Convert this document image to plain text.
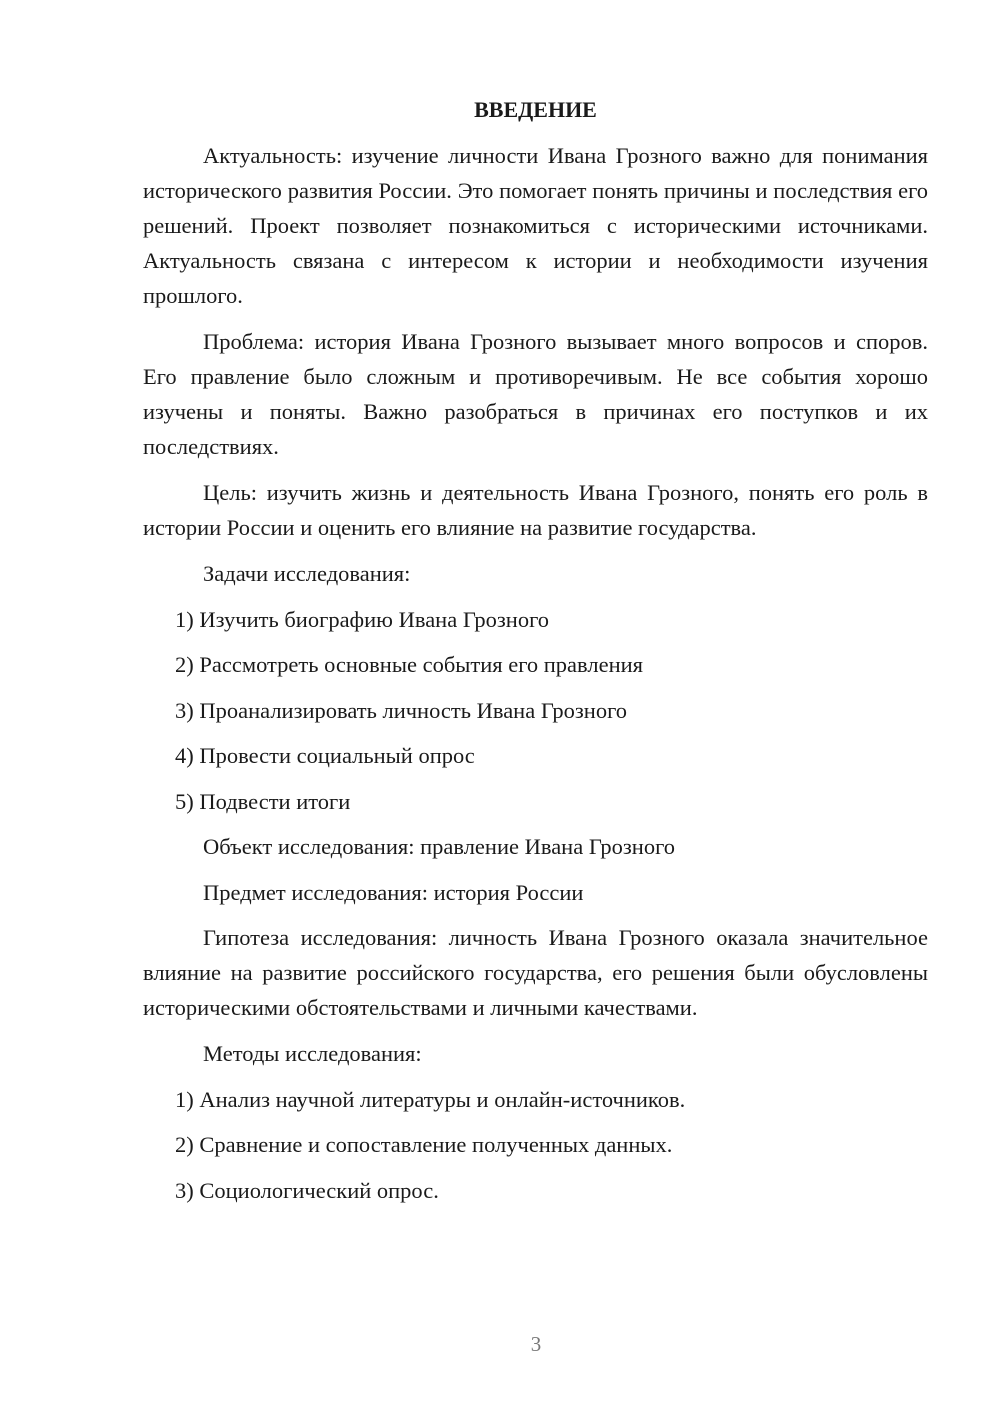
ВВЕДЕНИЕ

Актуальность: изучение личности Ивана Грозного важно для понимания исторического развития России. Это помогает понять причины и последствия его решений. Проект позволяет познакомиться с историческими источниками. Актуальность связана с интересом к истории и необходимости изучения прошлого.

Проблема: история Ивана Грозного вызывает много вопросов и споров. Его правление было сложным и противоречивым. Не все события хорошо изучены и поняты. Важно разобраться в причинах его поступков и их последствиях.

Цель: изучить жизнь и деятельность Ивана Грозного, понять его роль в истории России и оценить его влияние на развитие государства.

Задачи исследования:
1) Изучить биографию Ивана Грозного
2) Рассмотреть основные события его правления
3) Проанализировать личность Ивана Грозного
4) Провести социальный опрос
5) Подвести итоги
Объект исследования: правление Ивана Грозного
Предмет исследования: история России

Гипотеза исследования: личность Ивана Грозного оказала значительное влияние на развитие российского государства, его решения были обусловлены историческими обстоятельствами и личными качествами.

Методы исследования:
1) Анализ научной литературы и онлайн-источников.
2) Сравнение и сопоставление полученных данных.
3) Социологический опрос.
3
